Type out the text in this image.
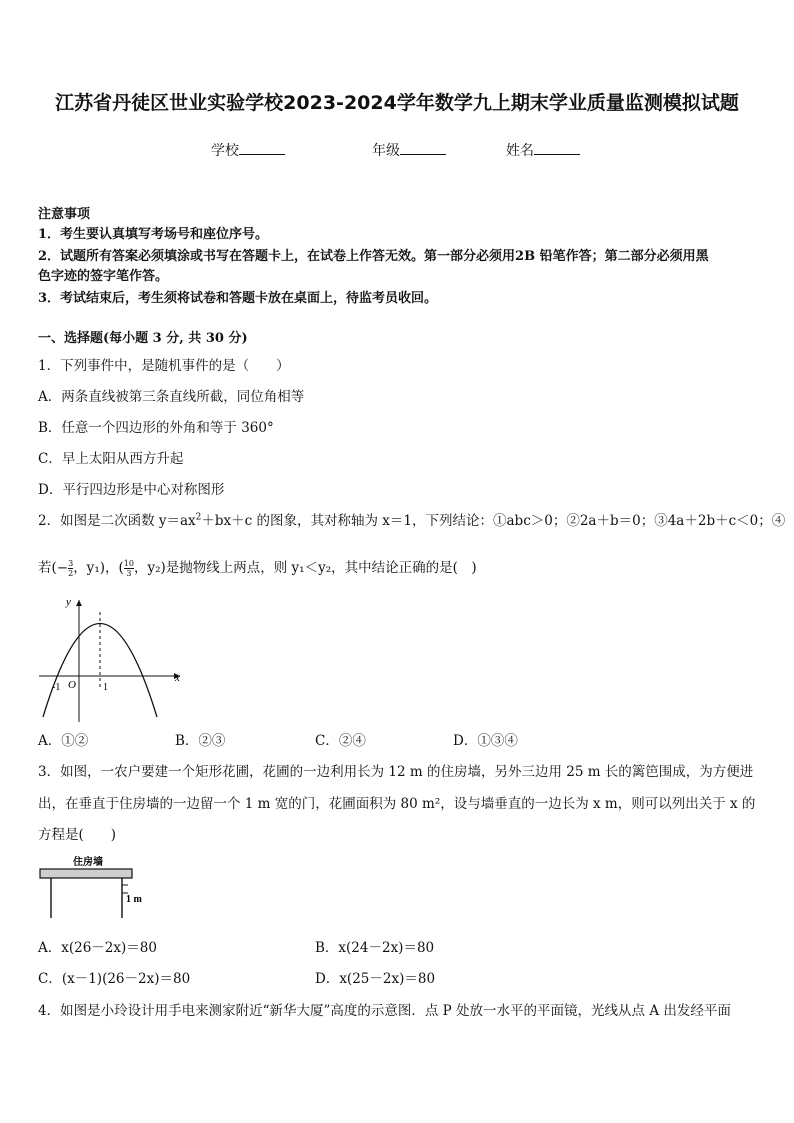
江苏省丹徒区世业实验学校2023-2024学年数学九上期末学业质量监测模拟试题
学校	年级	姓名
注意事项
1．考生要认真填写考场号和座位序号。
2．试题所有答案必须填涂或书写在答题卡上，在试卷上作答无效。第一部分必须用2B 铅笔作答；第二部分必须用黑
色字迹的签字笔作答。
3．考试结束后，考生须将试卷和答题卡放在桌面上，待监考员收回。
一、选择题(每小题 3 分, 共 30 分)
1．下列事件中，是随机事件的是（　　）
A．两条直线被第三条直线所截，同位角相等
B．任意一个四边形的外角和等于 360°
C．早上太阳从西方升起
D．平行四边形是中心对称图形
2．如图是二次函数 $y=ax^2+bx+c$ 的图象，其对称轴为 x＝1，下列结论：①abc＞0；②2a＋b＝0；③4a＋2b＋c＜0；④
若(− $\frac{3}{2}$ ，y₁)，( $\frac{10}{3}$ ，y₂)是抛物线上两点，则 y₁＜y₂，其中结论正确的是(　)
y
x
O
-1	1
A．①②	B．②③	C．②④	D．①③④
3．如图，一农户要建一个矩形花圃，花圃的一边利用长为 12 m 的住房墙，另外三边用 25 m 长的篱笆围成，为方便进
出，在垂直于住房墙的一边留一个 1 m 宽的门，花圃面积为 80 m²，设与墙垂直的一边长为 x m，则可以列出关于 x 的
方程是(　　)
住房墙
1 m
A．x(26－2x)＝80	B．x(24－2x)＝80
C．(x－1)(26－2x)＝80	D．x(25－2x)＝80
4．如图是小玲设计用手电来测家附近“新华大厦”高度的示意图．点 P 处放一水平的平面镜，光线从点 A 出发经平面
